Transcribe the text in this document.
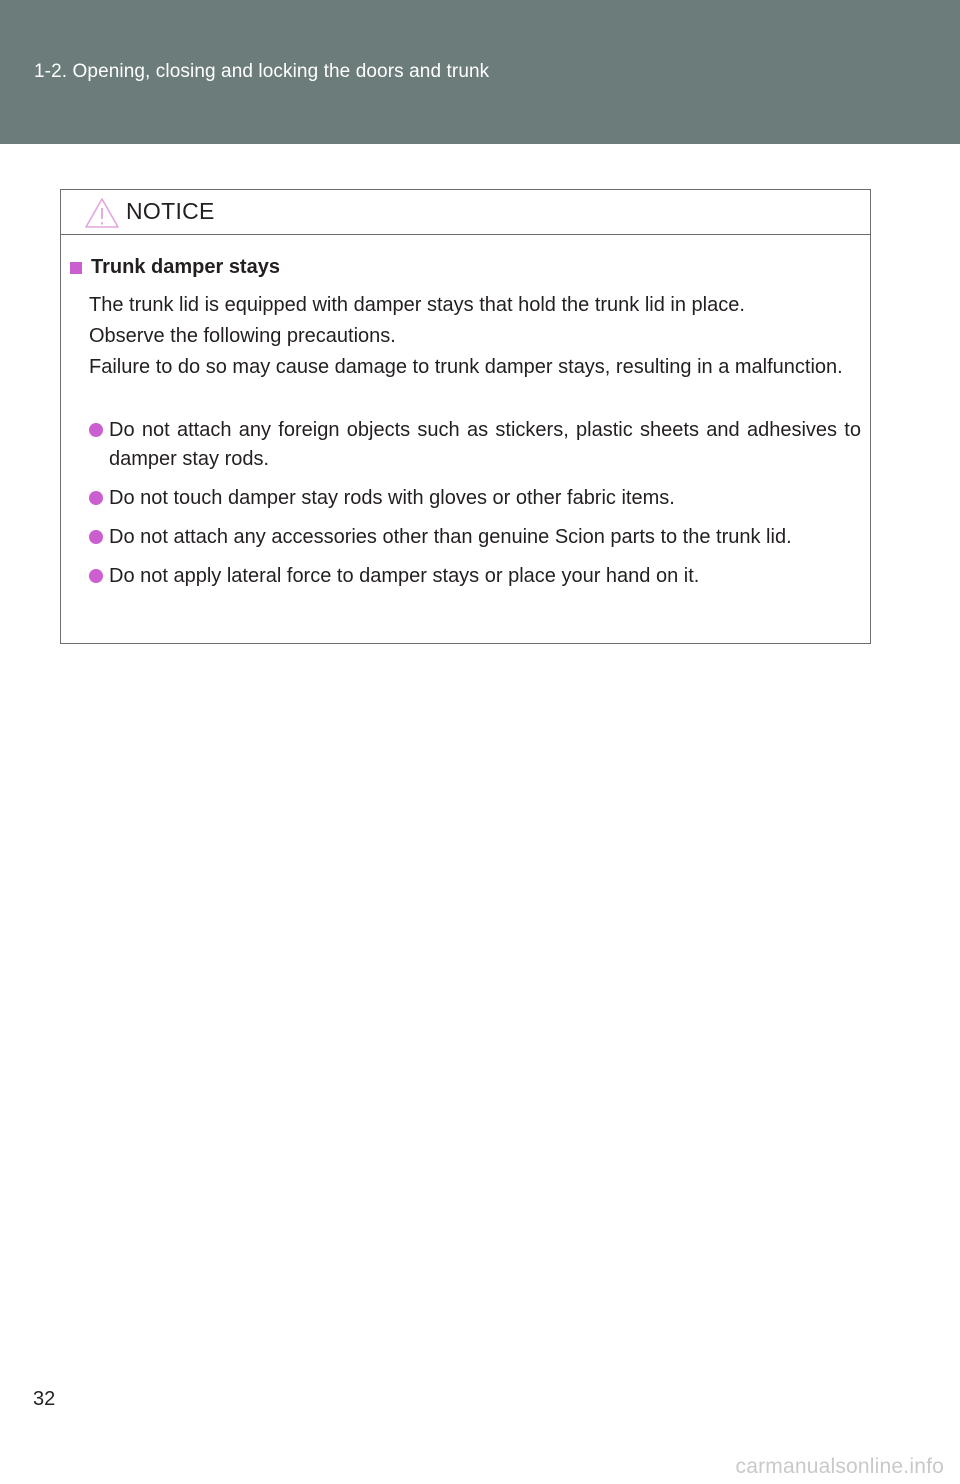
1-2. Opening, closing and locking the doors and trunk
NOTICE
Trunk damper stays

The trunk lid is equipped with damper stays that hold the trunk lid in place.

Observe the following precautions.

Failure to do so may cause damage to trunk damper stays, resulting in a malfunction.

Do not attach any foreign objects such as stickers, plastic sheets and adhesives to damper stay rods.
Do not touch damper stay rods with gloves or other fabric items.
Do not attach any accessories other than genuine Scion parts to the trunk lid.
Do not apply lateral force to damper stays or place your hand on it.
32
carmanualsonline.info
